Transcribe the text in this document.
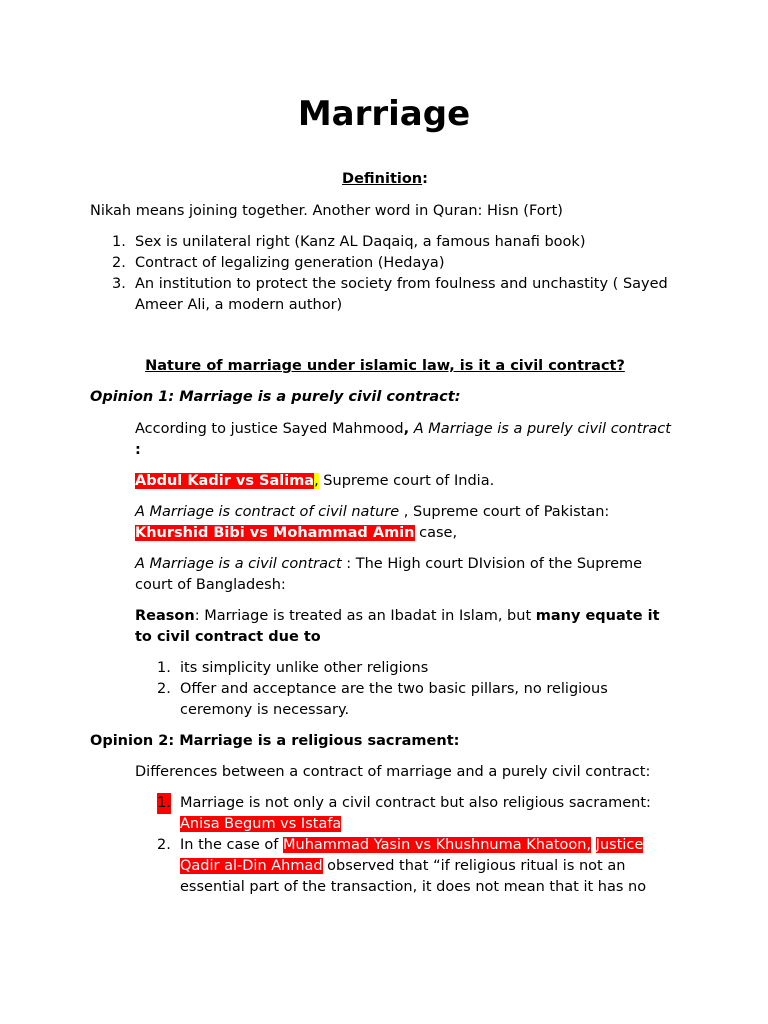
Marriage
Definition:
Nikah means joining together. Another word in Quran: Hisn (Fort)
1. Sex is unilateral right (Kanz AL Daqaiq, a famous hanafi book)
2. Contract of legalizing generation (Hedaya)
3. An institution to protect the society from foulness and unchastity ( Sayed Ameer Ali, a modern author)
Nature of marriage under islamic law, is it a civil contract?
Opinion 1: Marriage is a purely civil contract:
According to justice Sayed Mahmood, A Marriage is a purely civil contract :
Abdul Kadir vs Salima, Supreme court of India.
A Marriage is contract of civil nature , Supreme court of Pakistan:
Khurshid Bibi vs Mohammad Amin case,
A Marriage is a civil contract : The High court DIvision of the Supreme court of Bangladesh:
Reason: Marriage is treated as an Ibadat in Islam, but many equate it to civil contract due to
1. its simplicity unlike other religions
2. Offer and acceptance are the two basic pillars, no religious ceremony is necessary.
Opinion 2: Marriage is a religious sacrament:
Differences between a contract of marriage and a purely civil contract:
1. Marriage is not only a civil contract but also religious sacrament: Anisa Begum vs Istafa
2. In the case of Muhammad Yasin vs Khushnuma Khatoon, Justice Qadir al-Din Ahmad observed that “if religious ritual is not an essential part of the transaction, it does not mean that it has no
